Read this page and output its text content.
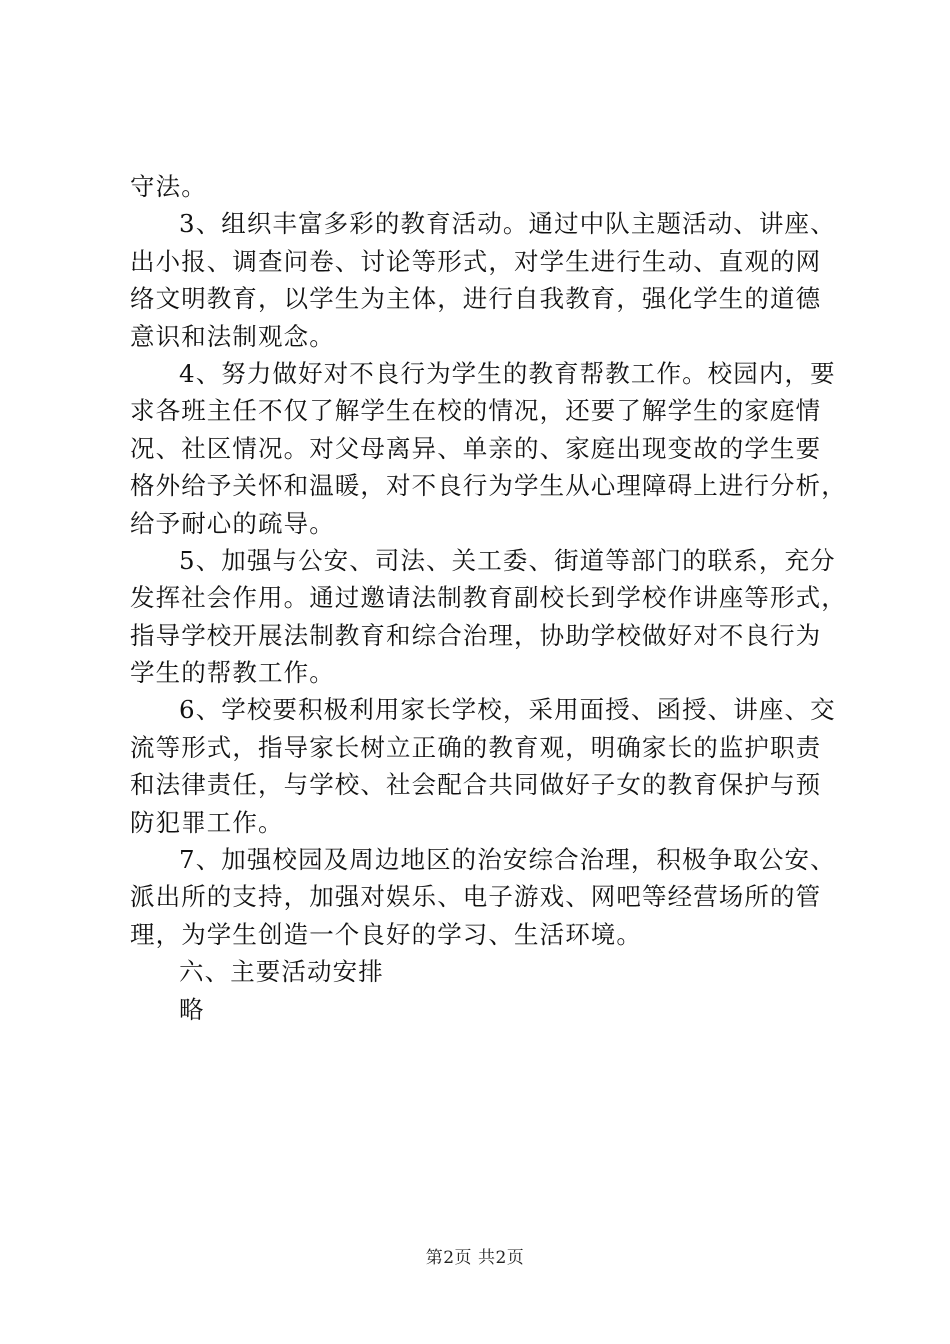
守法。
3、组织丰富多彩的教育活动。通过中队主题活动、讲座、
出小报、调查问卷、讨论等形式，对学生进行生动、直观的网
络文明教育，以学生为主体，进行自我教育，强化学生的道德
意识和法制观念。
4、努力做好对不良行为学生的教育帮教工作。校园内，要
求各班主任不仅了解学生在校的情况，还要了解学生的家庭情
况、社区情况。对父母离异、单亲的、家庭出现变故的学生要
格外给予关怀和温暖，对不良行为学生从心理障碍上进行分析，
给予耐心的疏导。
5、加强与公安、司法、关工委、街道等部门的联系，充分
发挥社会作用。通过邀请法制教育副校长到学校作讲座等形式，
指导学校开展法制教育和综合治理，协助学校做好对不良行为
学生的帮教工作。
6、学校要积极利用家长学校，采用面授、函授、讲座、交
流等形式，指导家长树立正确的教育观，明确家长的监护职责
和法律责任，与学校、社会配合共同做好子女的教育保护与预
防犯罪工作。
7、加强校园及周边地区的治安综合治理，积极争取公安、
派出所的支持，加强对娱乐、电子游戏、网吧等经营场所的管
理，为学生创造一个良好的学习、生活环境。
六、主要活动安排
略
第2页 共2页
